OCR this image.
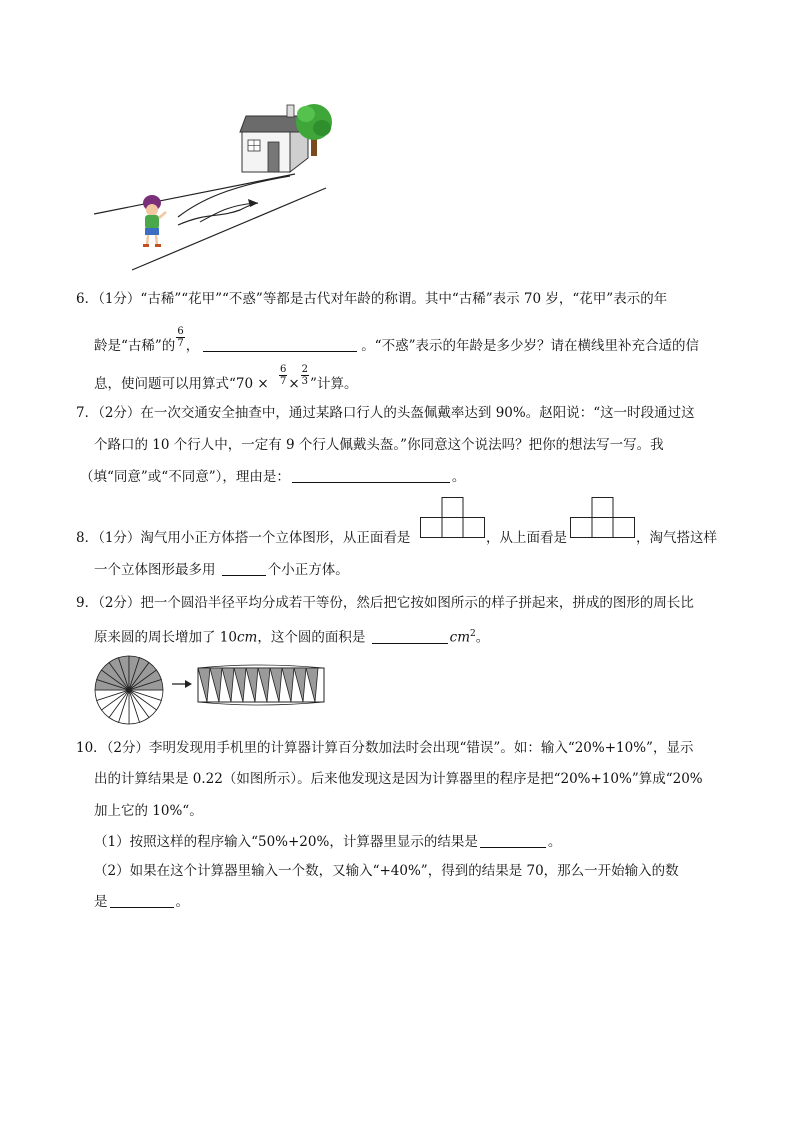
6．（1分）“古稀”“花甲”“不惑”等都是古代对年龄的称谓。其中“古稀”表示 70 岁，“花甲”表示的年
龄是“古稀”的 $\frac{6}{7}$ ，	。“不惑”表示的年龄是多少岁？请在横线里补充合适的信
息，使问题可以用算式“$70 \times \frac{6}{7} \times \frac{2}{3}$ ”计算。
7．（2分）在一次交通安全抽查中，通过某路口行人的头盔佩戴率达到 90%。赵阳说：“这一时段通过这
个路口的 10 个行人中，一定有 9 个行人佩戴头盔。”你同意这个说法吗？把你的想法写一写。我
（填“同意”或“不同意”），理由是：	。
8．（1分）淘气用小正方体搭一个立体图形，从正面看是	，从上面看是	，淘气搭这样
一个立体图形最多用	个小正方体。
9．（2分）把一个圆沿半径平均分成若干等份，然后把它按如图所示的样子拼起来，拼成的图形的周长比
原来圆的周长增加了 10cm，这个圆的面积是	$cm^2$。
10．（2分）李明发现用手机里的计算器计算百分数加法时会出现“错误”。如：输入“20%+10%”，显示
出的计算结果是 0.22（如图所示）。后来他发现这是因为计算器里的程序是把“20%+10%”算成“20%
加上它的 10%“。
（1）按照这样的程序输入“50%+20%，计算器里显示的结果是	。
（2）如果在这个计算器里输入一个数，又输入“+40%”，得到的结果是 70，那么一开始输入的数
是	。
